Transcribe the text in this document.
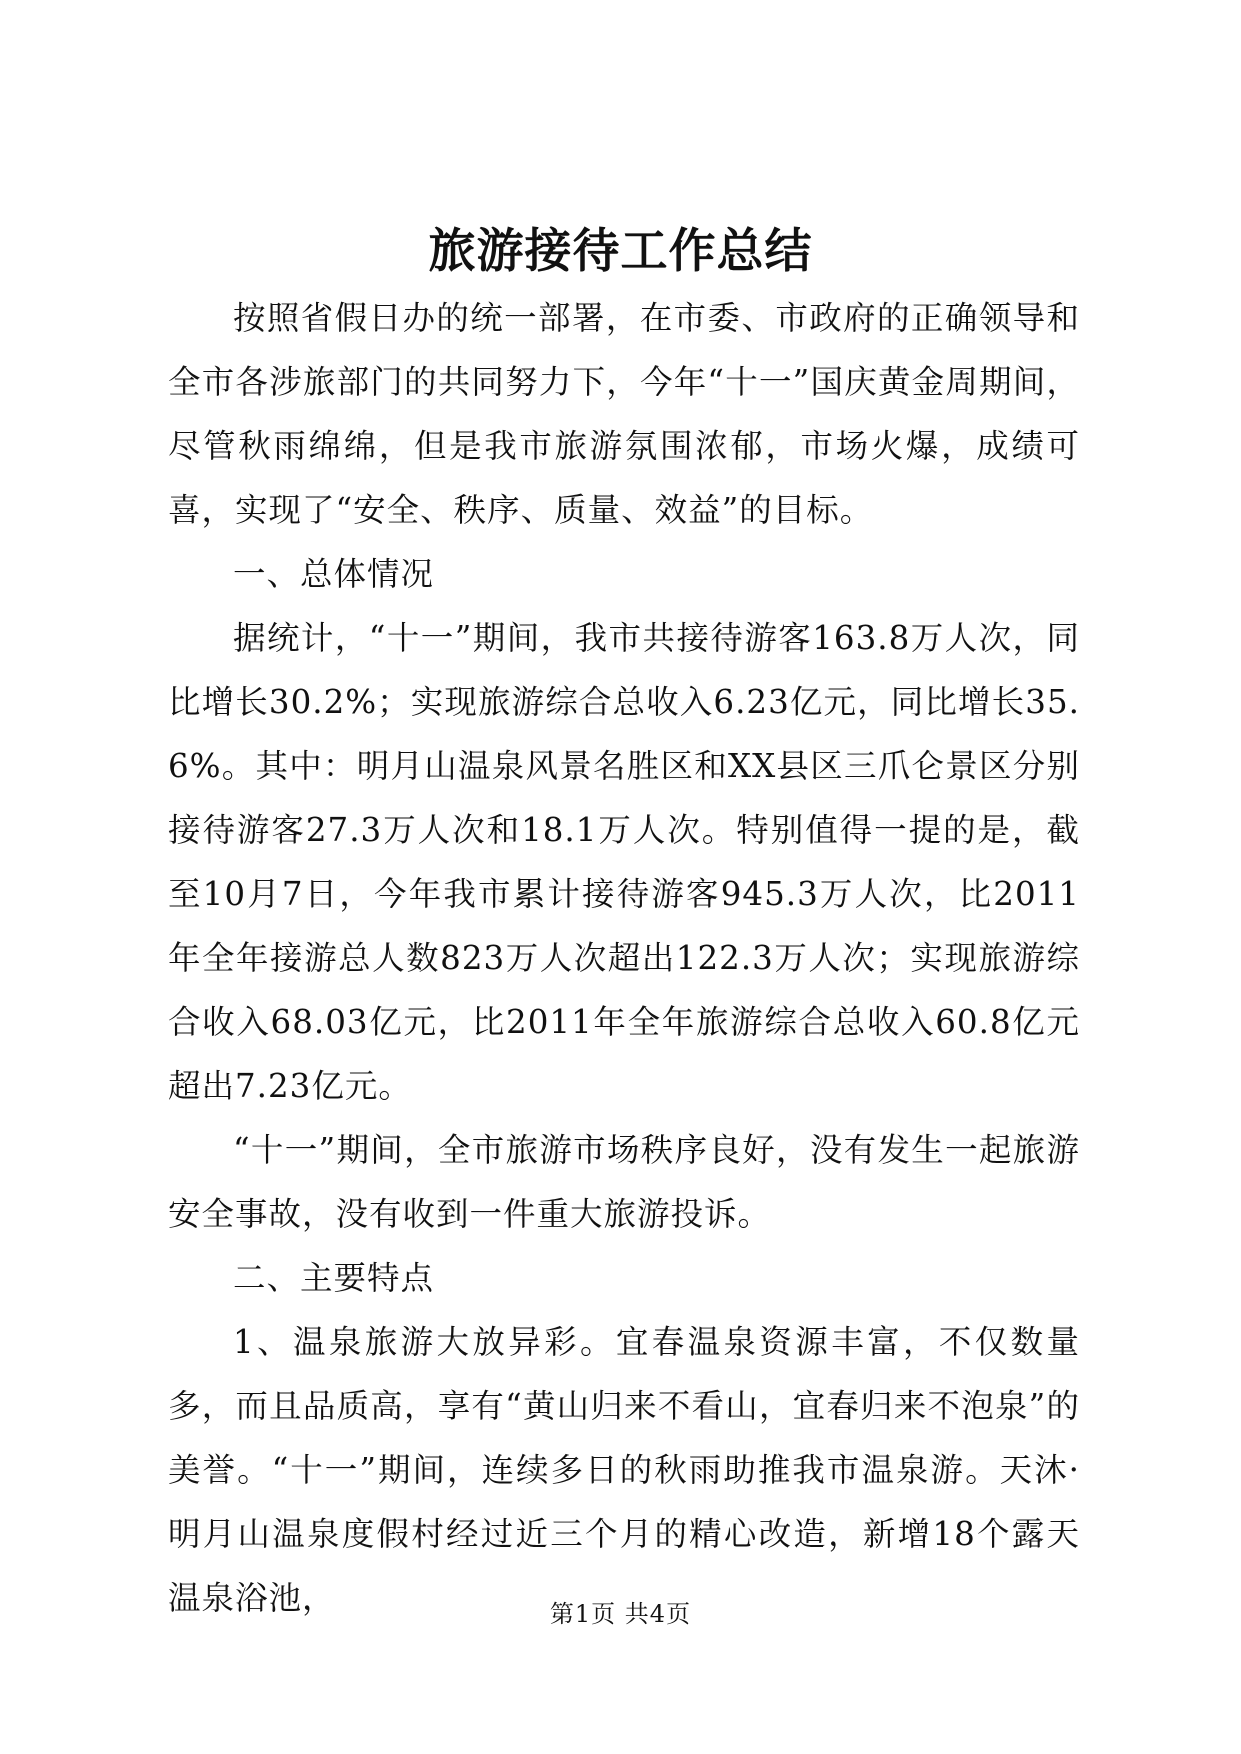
旅游接待工作总结

按照省假日办的统一部署，在市委、市政府的正确领导和全市各涉旅部门的共同努力下，今年“十一”国庆黄金周期间，尽管秋雨绵绵，但是我市旅游氛围浓郁，市场火爆，成绩可喜，实现了“安全、秩序、质量、效益”的目标。

一、总体情况

据统计，“十一”期间，我市共接待游客163.8万人次，同比增长30.2%；实现旅游综合总收入6.23亿元，同比增长35.6%。其中：明月山温泉风景名胜区和XX县区三爪仑景区分别接待游客27.3万人次和18.1万人次。特别值得一提的是，截至10月7日，今年我市累计接待游客945.3万人次，比2011年全年接游总人数823万人次超出122.3万人次；实现旅游综合收入68.03亿元，比2011年全年旅游综合总收入60.8亿元超出7.23亿元。

“十一”期间，全市旅游市场秩序良好，没有发生一起旅游安全事故，没有收到一件重大旅游投诉。

二、主要特点

1、温泉旅游大放异彩。宜春温泉资源丰富，不仅数量多，而且品质高，享有“黄山归来不看山，宜春归来不泡泉”的美誉。“十一”期间，连续多日的秋雨助推我市温泉游。天沐·明月山温泉度假村经过近三个月的精心改造，新增18个露天温泉浴池，	第1页 共4页
